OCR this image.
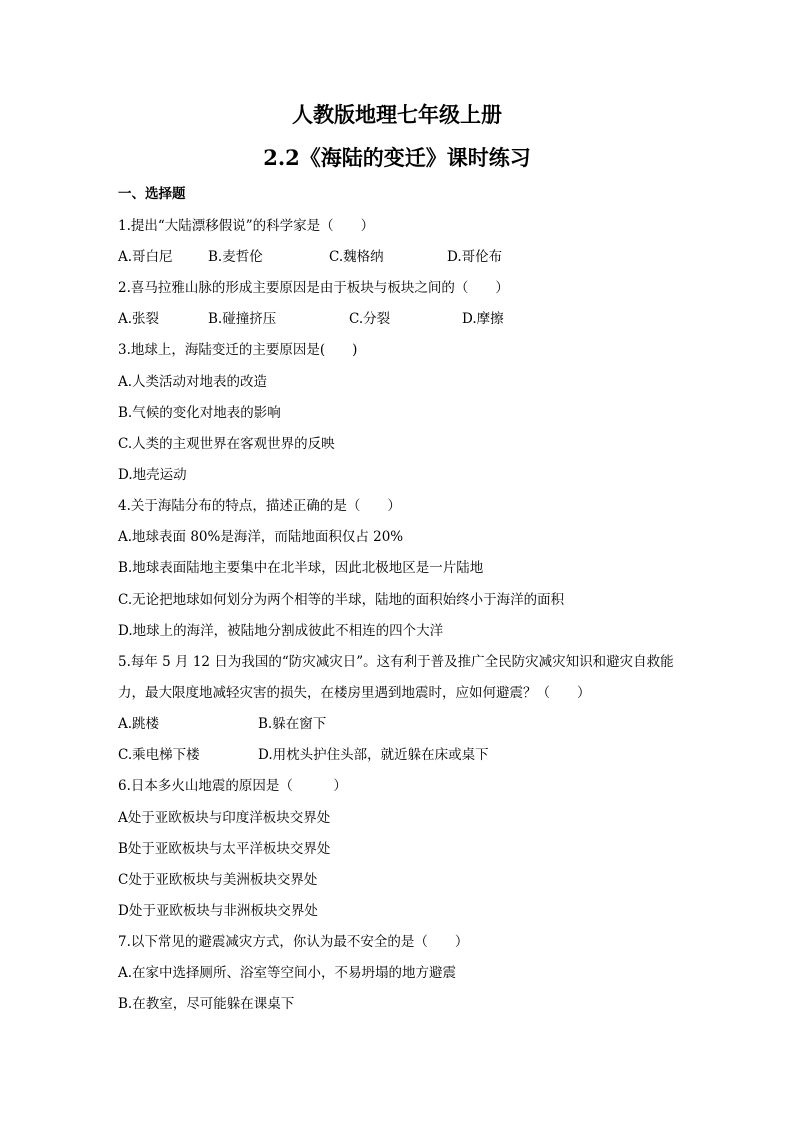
人教版地理七年级上册
2.2《海陆的变迁》课时练习
一、选择题
1.提出“大陆漂移假说”的科学家是（　　）
A.哥白尼	B.麦哲伦	C.魏格纳	D.哥伦布
2.喜马拉雅山脉的形成主要原因是由于板块与板块之间的（　　）
A.张裂	B.碰撞挤压	C.分裂	D.摩擦
3.地球上，海陆变迁的主要原因是(　　)
A.人类活动对地表的改造
B.气候的变化对地表的影响
C.人类的主观世界在客观世界的反映
D.地壳运动
4.关于海陆分布的特点，描述正确的是（　　）
A.地球表面 80%是海洋，而陆地面积仅占 20%
B.地球表面陆地主要集中在北半球，因此北极地区是一片陆地
C.无论把地球如何划分为两个相等的半球，陆地的面积始终小于海洋的面积
D.地球上的海洋，被陆地分割成彼此不相连的四个大洋
5.每年 5 月 12 日为我国的“防灾减灾日”。这有利于普及推广全民防灾减灾知识和避灾自救能
力，最大限度地减轻灾害的损失，在楼房里遇到地震时，应如何避震？（　　）
A.跳楼	B.躲在窗下
C.乘电梯下楼	D.用枕头护住头部，就近躲在床或桌下
6.日本多火山地震的原因是（　　　）
A处于亚欧板块与印度洋板块交界处
B处于亚欧板块与太平洋板块交界处
C处于亚欧板块与美洲板块交界处
D处于亚欧板块与非洲板块交界处
7.以下常见的避震减灾方式，你认为最不安全的是（　　）
A.在家中选择厕所、浴室等空间小，不易坍塌的地方避震
B.在教室，尽可能躲在课桌下
